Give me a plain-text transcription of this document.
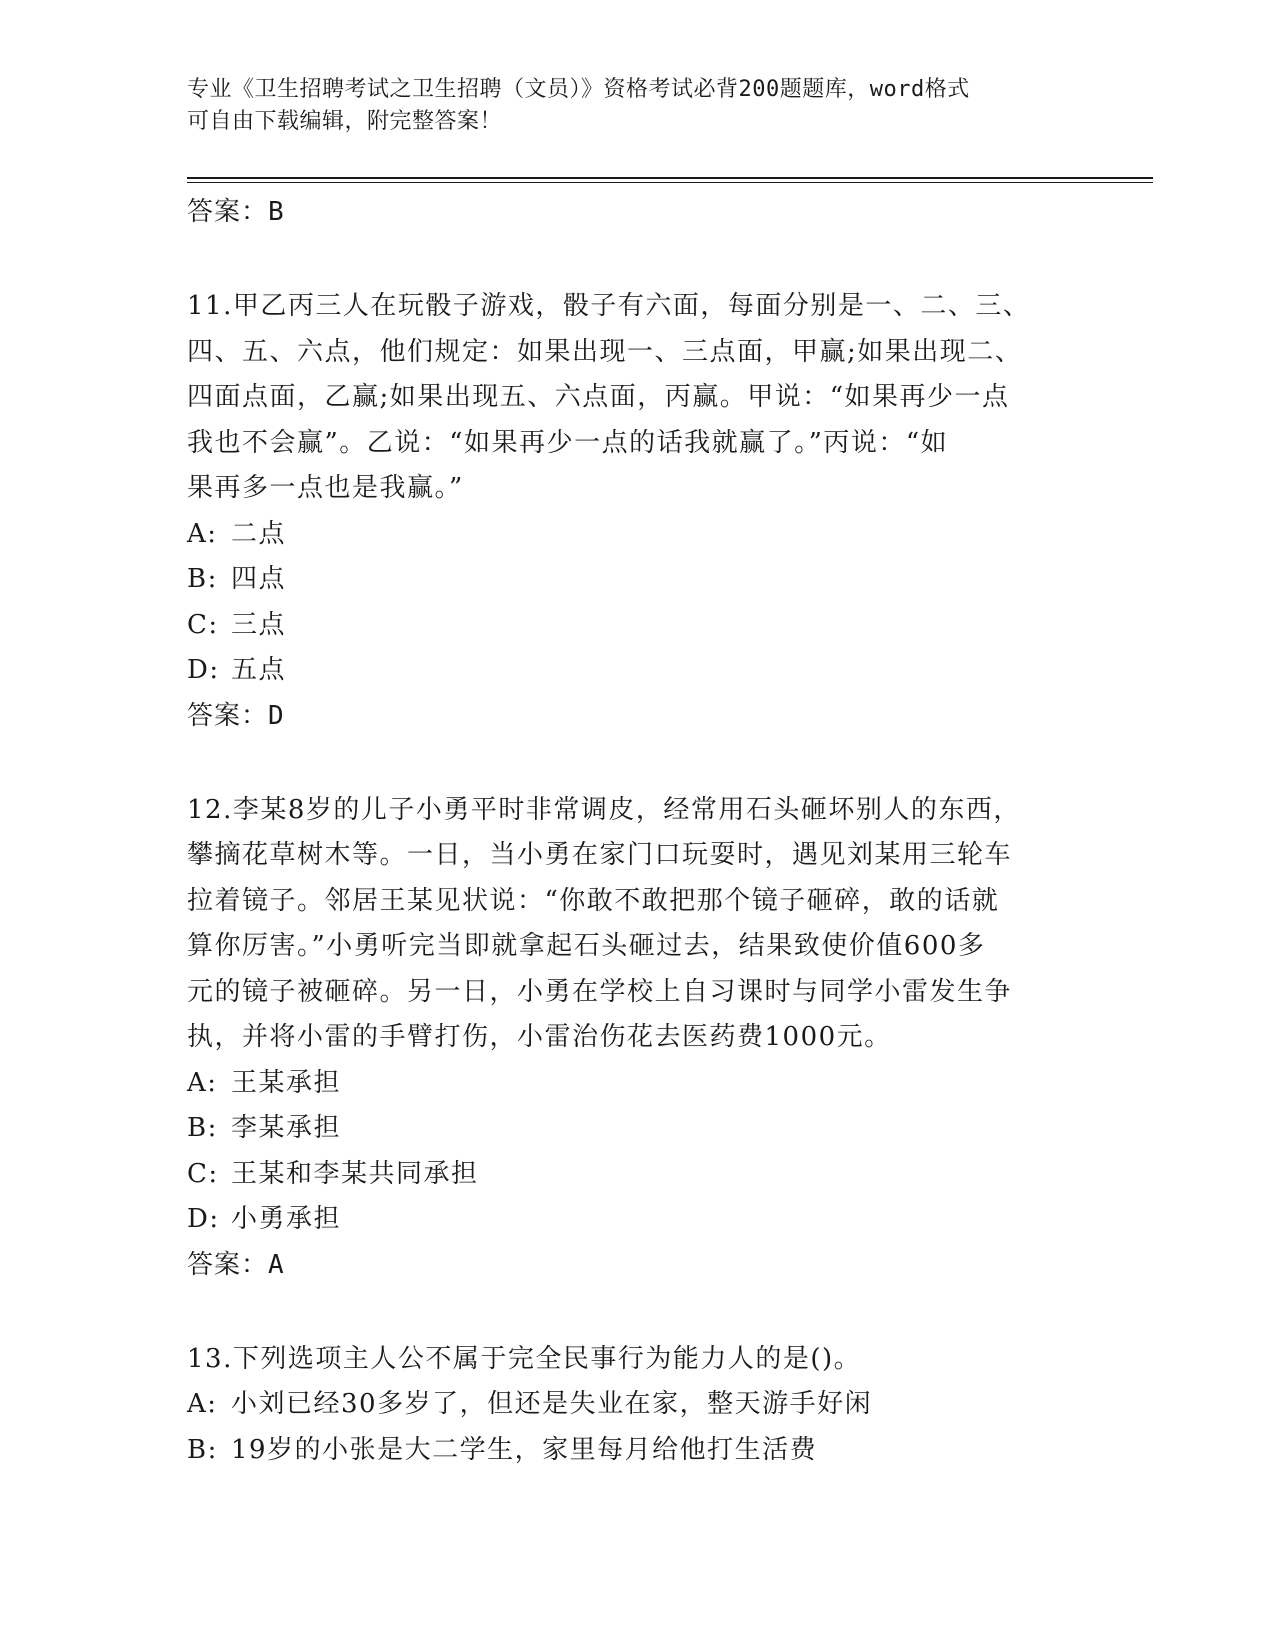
专业《卫生招聘考试之卫生招聘（文员）》资格考试必背200题题库，word格式
可自由下载编辑，附完整答案！
答案：B
11.甲乙丙三人在玩骰子游戏，骰子有六面，每面分别是一、二、三、
四、五、六点，他们规定：如果出现一、三点面，甲赢;如果出现二、
四面点面，乙赢;如果出现五、六点面，丙赢。甲说：“如果再少一点
我也不会赢”。乙说：“如果再少一点的话我就赢了。”丙说：“如
果再多一点也是我赢。”
A: 二点
B: 四点
C: 三点
D: 五点
答案：D
12.李某8岁的儿子小勇平时非常调皮，经常用石头砸坏别人的东西，
攀摘花草树木等。一日，当小勇在家门口玩耍时，遇见刘某用三轮车
拉着镜子。邻居王某见状说：“你敢不敢把那个镜子砸碎，敢的话就
算你厉害。”小勇听完当即就拿起石头砸过去，结果致使价值600多
元的镜子被砸碎。另一日，小勇在学校上自习课时与同学小雷发生争
执，并将小雷的手臂打伤，小雷治伤花去医药费1000元。
A: 王某承担
B: 李某承担
C: 王某和李某共同承担
D: 小勇承担
答案：A
13.下列选项主人公不属于完全民事行为能力人的是()。
A: 小刘已经30多岁了，但还是失业在家，整天游手好闲
B: 19岁的小张是大二学生，家里每月给他打生活费
